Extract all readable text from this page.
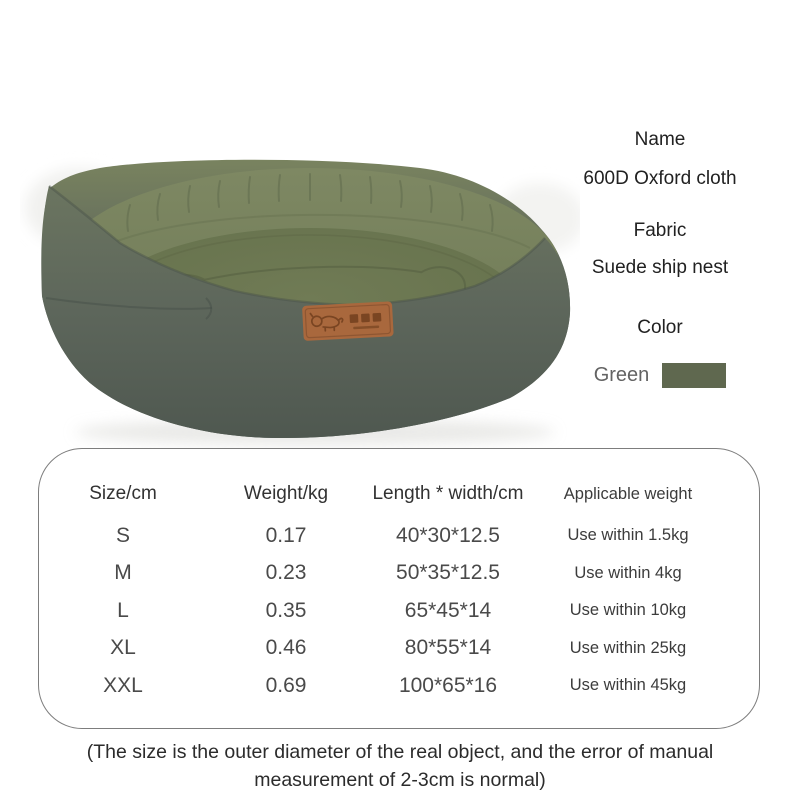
Name
600D Oxford cloth
Fabric
Suede ship nest
Color
Green
Size/cm	Weight/kg	Length * width/cm	Applicable weight
S	0.17	40*30*12.5	Use within 1.5kg
M	0.23	50*35*12.5	Use within 4kg
L	0.35	65*45*14	Use within 10kg
XL	0.46	80*55*14	Use within 25kg
XXL	0.69	100*65*16	Use within 45kg
(The size is the outer diameter of the real object, and the error of manual measurement of 2-3cm is normal)
